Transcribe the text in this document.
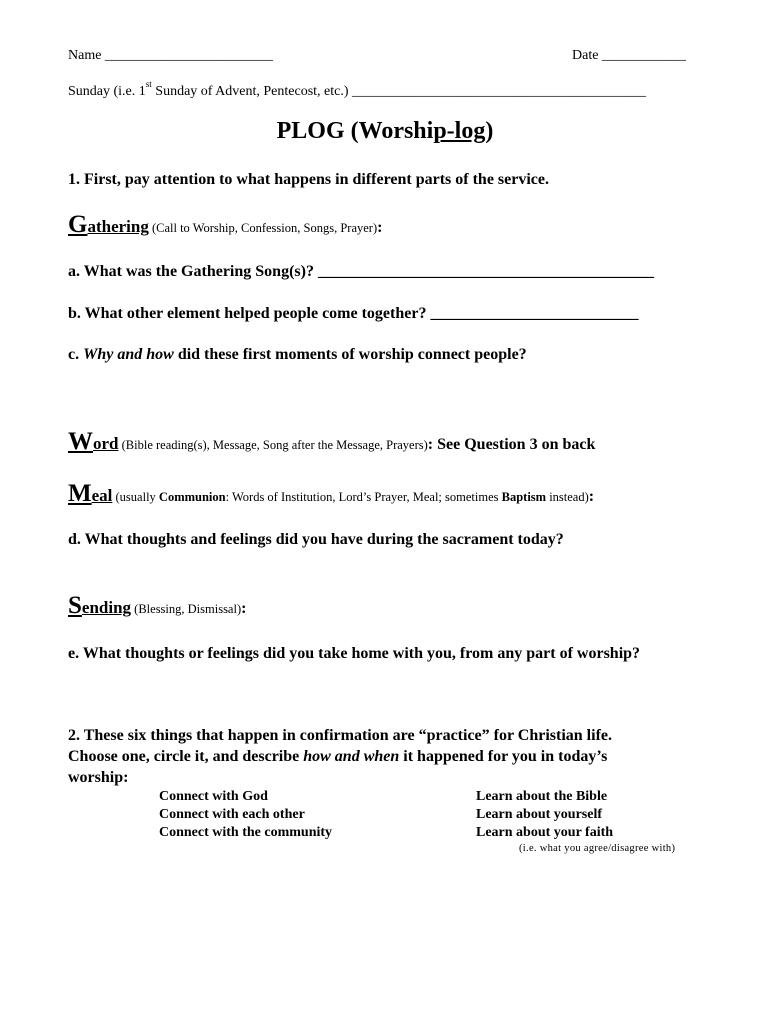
Name ________________________	Date ____________
Sunday (i.e. 1st Sunday of Advent, Pentecost, etc.) __________________________________________
PLOG (Worship-log)
1. First, pay attention to what happens in different parts of the service.
Gathering (Call to Worship, Confession, Songs, Prayer):
a. What was the Gathering Song(s)? __________________________________________
b. What other element helped people come together? __________________________
c. Why and how did these first moments of worship connect people?
Word (Bible reading(s), Message, Song after the Message, Prayers): See Question 3 on back
Meal (usually Communion: Words of Institution, Lord’s Prayer, Meal; sometimes Baptism instead):
d. What thoughts and feelings did you have during the sacrament today?
Sending (Blessing, Dismissal):
e. What thoughts or feelings did you take home with you, from any part of worship?
2. These six things that happen in confirmation are “practice” for Christian life.
Choose one, circle it, and describe how and when it happened for you in today’s
worship:
Connect with God
Connect with each other
Connect with the community
Learn about the Bible
Learn about yourself
Learn about your faith
(i.e. what you agree/disagree with)
